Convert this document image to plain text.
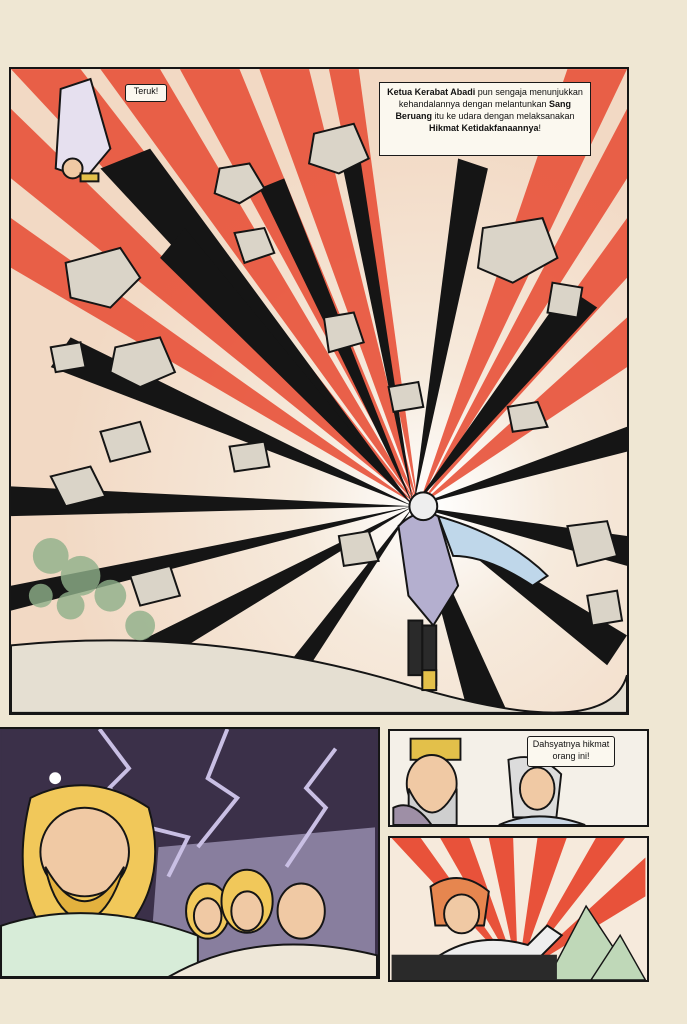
Teruk!	Ketua Kerabat Abadi pun sengaja menunjukkan kehandalannya dengan melantunkan Sang Beruang itu ke udara dengan melaksanakan Hikmat Ketidakfanaannya!
Dahsyatnya hikmat orang ini!
